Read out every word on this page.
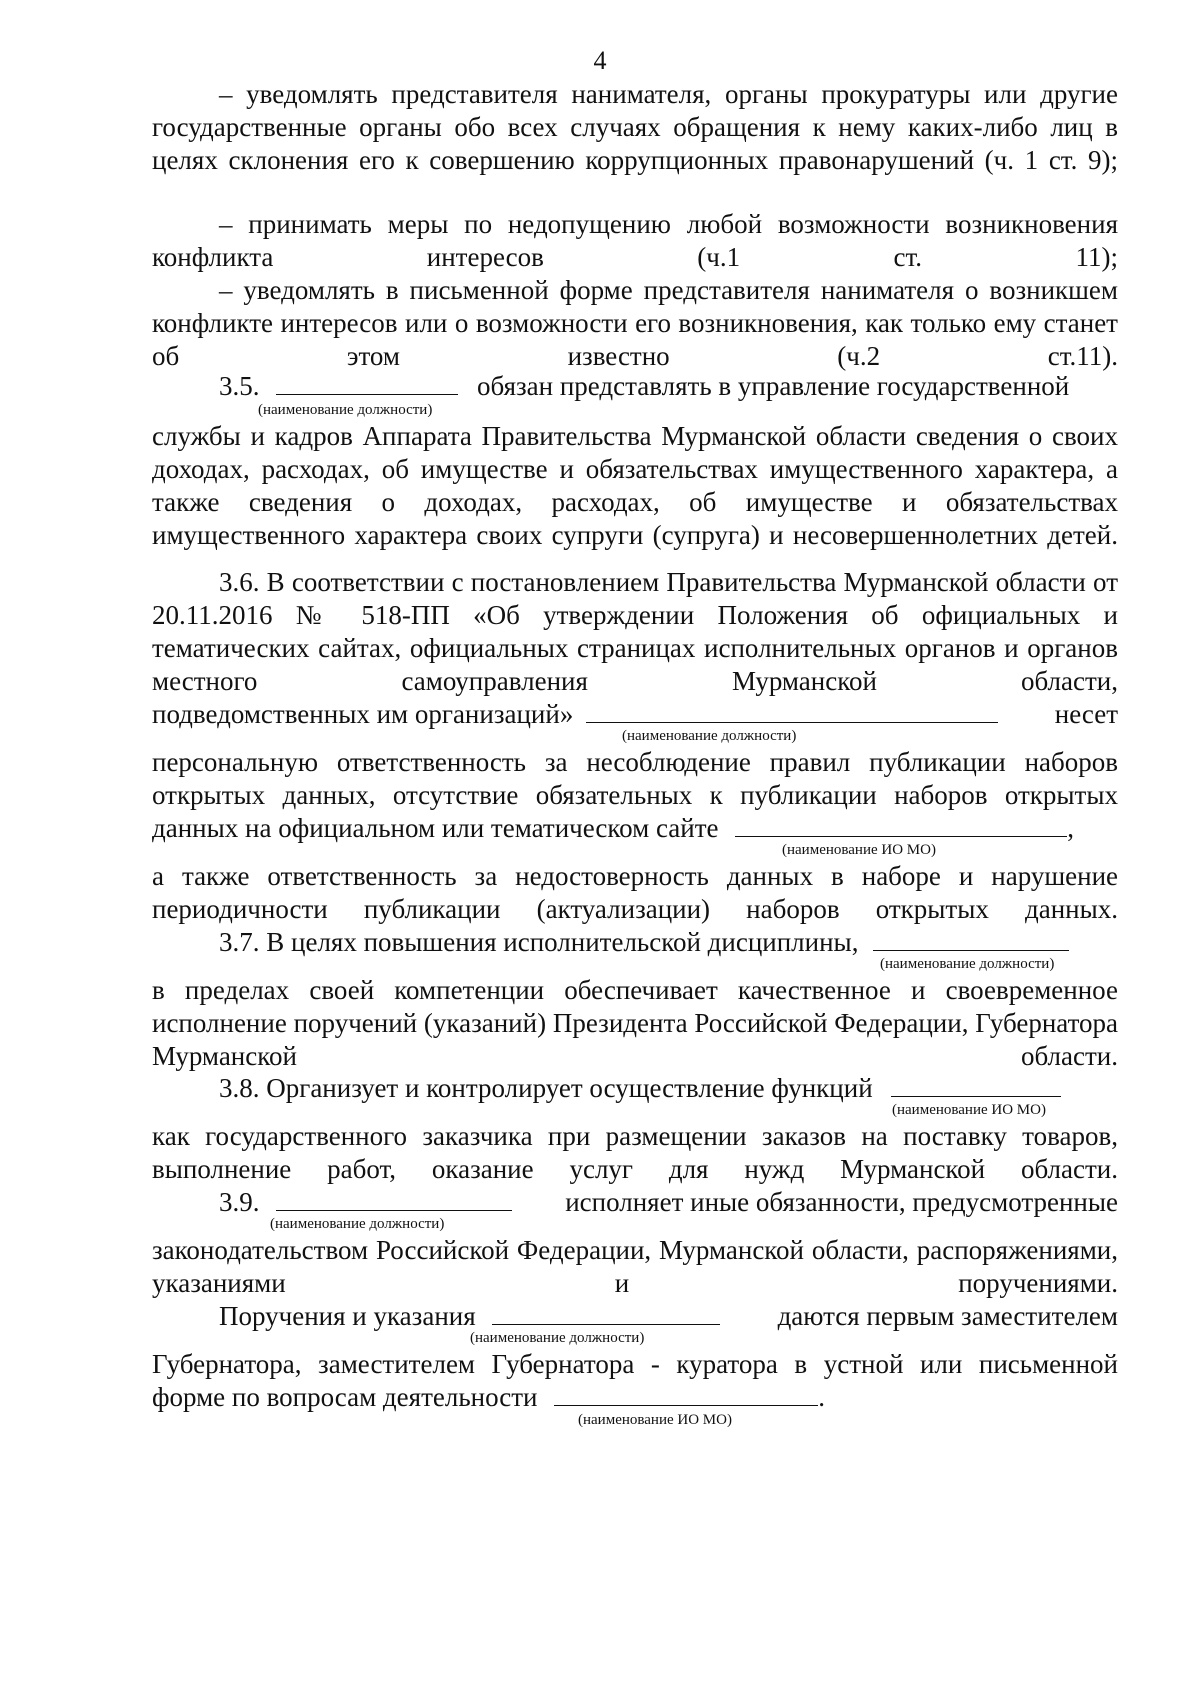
4

– уведомлять представителя нанимателя, органы прокуратуры или другие государственные органы обо всех случаях обращения к нему каких-либо лиц в целях склонения его к совершению коррупционных правонарушений (ч. 1 ст. 9);

– принимать меры по недопущению любой возможности возникновения конфликта интересов (ч.1 ст. 11);

– уведомлять в письменной форме представителя нанимателя о возникшем конфликте интересов или о возможности его возникновения, как только ему станет об этом известно (ч.2 ст.11).

3.5.	обязан представлять в управление государственной
(наименование должности)

службы и кадров Аппарата Правительства Мурманской области сведения о своих доходах, расходах, об имуществе и обязательствах имущественного характера, а также сведения о доходах, расходах, об имуществе и обязательствах имущественного характера своих супруги (супруга) и несовершеннолетних детей.

3.6. В соответствии с постановлением Правительства Мурманской области от 20.11.2016 № 518-ПП «Об утверждении Положения об официальных и тематических сайтах, официальных страницах исполнительных органов и органов местного самоуправления Мурманской области,

подведомственных им организаций»	несет
(наименование должности)

персональную ответственность за несоблюдение правил публикации наборов открытых данных, отсутствие обязательных к публикации наборов открытых

данных на официальном или тематическом сайте	,
(наименование ИО МО)

а также ответственность за недостоверность данных в наборе и нарушение периодичности публикации (актуализации) наборов открытых данных.

3.7. В целях повышения исполнительской дисциплины,
(наименование должности)

в пределах своей компетенции обеспечивает качественное и своевременное исполнение поручений (указаний) Президента Российской Федерации, Губернатора Мурманской области.

3.8. Организует и контролирует осуществление функций
(наименование ИО МО)

как государственного заказчика при размещении заказов на поставку товаров, выполнение работ, оказание услуг для нужд Мурманской области.

3.9.	исполняет иные обязанности, предусмотренные
(наименование должности)

законодательством Российской Федерации, Мурманской области, распоряжениями, указаниями и поручениями.

Поручения и указания	даются первым заместителем
(наименование должности)

Губернатора, заместителем Губернатора - куратора в устной или письменной

форме по вопросам деятельности	.
(наименование ИО МО)
